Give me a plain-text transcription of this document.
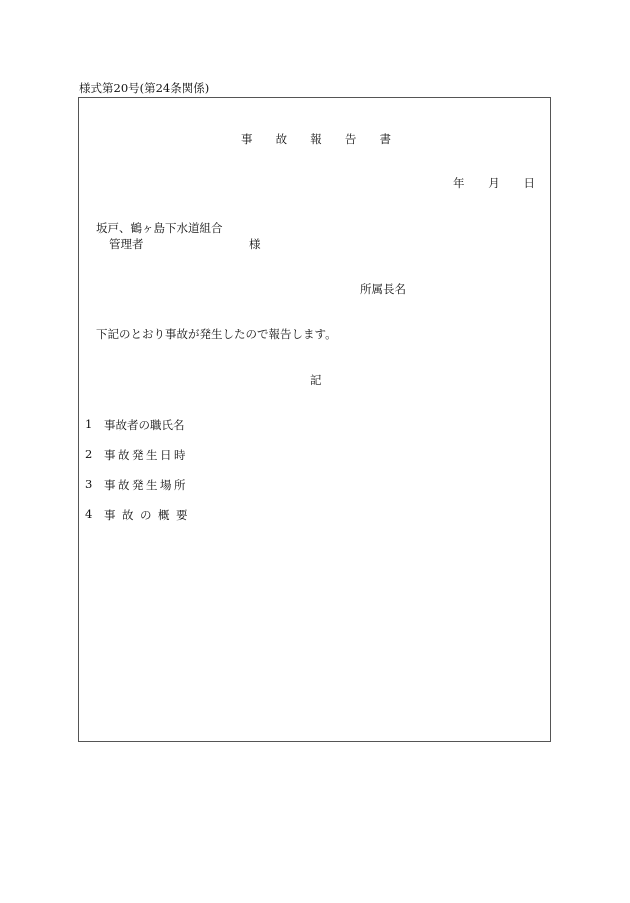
様式第20号(第24条関係)
事 故 報 告 書
年 月 日
坂戸、鶴ヶ島下水道組合
管理者	様
所属長名
下記のとおり事故が発生したので報告します。
記
1	事故者の職氏名
2	事故発生日時
3	事故発生場所
4	事故の概要
